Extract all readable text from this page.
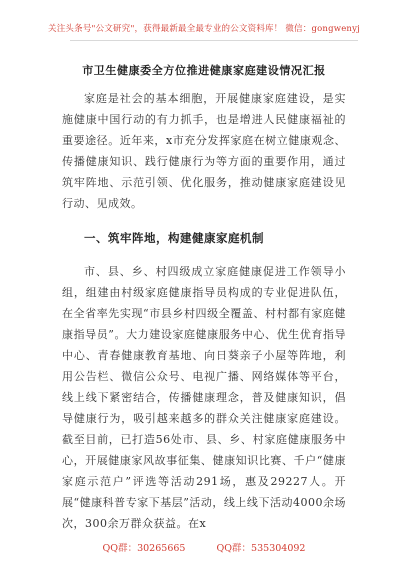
关注头条号"公文研究"，获得最新最全最专业的公文资料库！ 微信：gongwenyj
市卫生健康委全方位推进健康家庭建设情况汇报

家庭是社会的基本细胞，开展健康家庭建设，是实施健康中国行动的有力抓手，也是增进人民健康福祉的重要途径。近年来，x市充分发挥家庭在树立健康观念、传播健康知识、践行健康行为等方面的重要作用，通过筑牢阵地、示范引领、优化服务，推动健康家庭建设见行动、见成效。

一、筑牢阵地，构建健康家庭机制

市、县、乡、村四级成立家庭健康促进工作领导小组，组建由村级家庭健康指导员构成的专业促进队伍，在全省率先实现“市县乡村四级全覆盖、村村都有家庭健康指导员”。大力建设家庭健康服务中心、优生优育指导中心、青春健康教育基地、向日葵亲子小屋等阵地，利用公告栏、微信公众号、电视广播、网络媒体等平台，线上线下紧密结合，传播健康理念，普及健康知识，倡导健康行为，吸引越来越多的群众关注健康家庭建设。截至目前，已打造56处市、县、乡、村家庭健康服务中心，开展健康家风故事征集、健康知识比赛、千户“健康家庭示范户”评选等活动291场，惠及29227人。开展“健康科普专家下基层”活动，线上线下活动4000余场次，300余万群众获益。在x

QQ群：30265665	QQ群：535304092
